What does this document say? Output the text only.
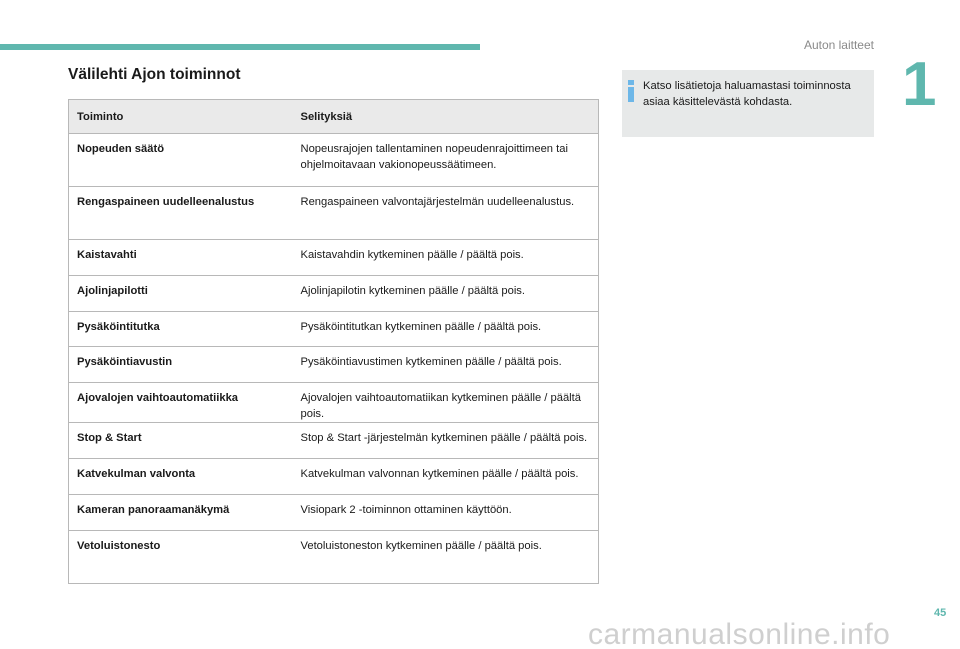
Auton laitteet
1
Välilehti Ajon toiminnot
Toiminto	Selityksiä
Nopeuden säätö	Nopeusrajojen tallentaminen nopeudenrajoittimeen tai ohjelmoitavaan vakionopeussäätimeen.
Rengaspaineen uudelleenalustus	Rengaspaineen valvontajärjestelmän uudelleenalustus.
Kaistavahti	Kaistavahdin kytkeminen päälle / päältä pois.
Ajolinjapilotti	Ajolinjapilotin kytkeminen päälle / päältä pois.
Pysäköintitutka	Pysäköintitutkan kytkeminen päälle / päältä pois.
Pysäköintiavustin	Pysäköintiavustimen kytkeminen päälle / päältä pois.
Ajovalojen vaihtoautomatiikka	Ajovalojen vaihtoautomatiikan kytkeminen päälle / päältä pois.
Stop & Start	Stop & Start -järjestelmän kytkeminen päälle / päältä pois.
Katvekulman valvonta	Katvekulman valvonnan kytkeminen päälle / päältä pois.
Kameran panoraamanäkymä	Visiopark 2 -toiminnon ottaminen käyttöön.
Vetoluistonesto	Vetoluistoneston kytkeminen päälle / päältä pois.
Katso lisätietoja haluamastasi toiminnosta asiaa käsittelevästä kohdasta.
45
carmanualsonline.info
